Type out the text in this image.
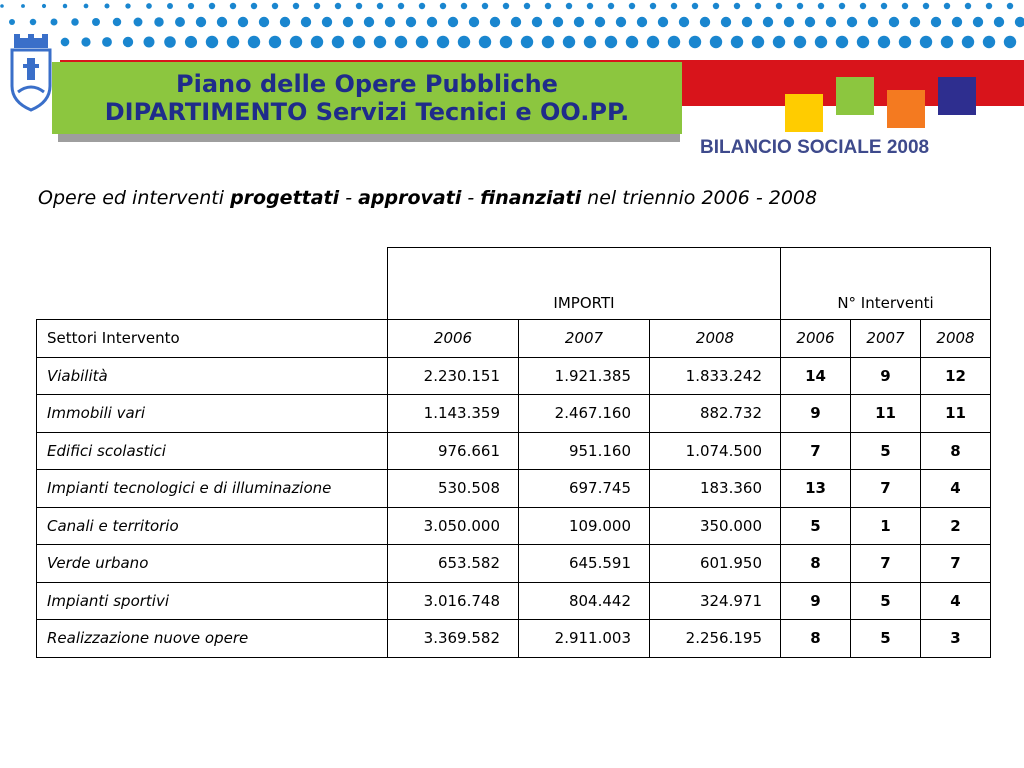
Piano delle Opere Pubbliche
DIPARTIMENTO Servizi Tecnici e OO.PP.
BILANCIO SOCIALE 2008
Opere ed interventi progettati - approvati - finanziati nel triennio 2006 - 2008
	IMPORTI			N° Interventi		
Settori Intervento	2006	2007	2008	2006	2007	2008
Viabilità	2.230.151	1.921.385	1.833.242	14	9	12
Immobili vari	1.143.359	2.467.160	882.732	9	11	11
Edifici scolastici	976.661	951.160	1.074.500	7	5	8
Impianti tecnologici e di illuminazione	530.508	697.745	183.360	13	7	4
Canali e territorio	3.050.000	109.000	350.000	5	1	2
Verde urbano	653.582	645.591	601.950	8	7	7
Impianti sportivi	3.016.748	804.442	324.971	9	5	4
Realizzazione nuove opere	3.369.582	2.911.003	2.256.195	8	5	3
